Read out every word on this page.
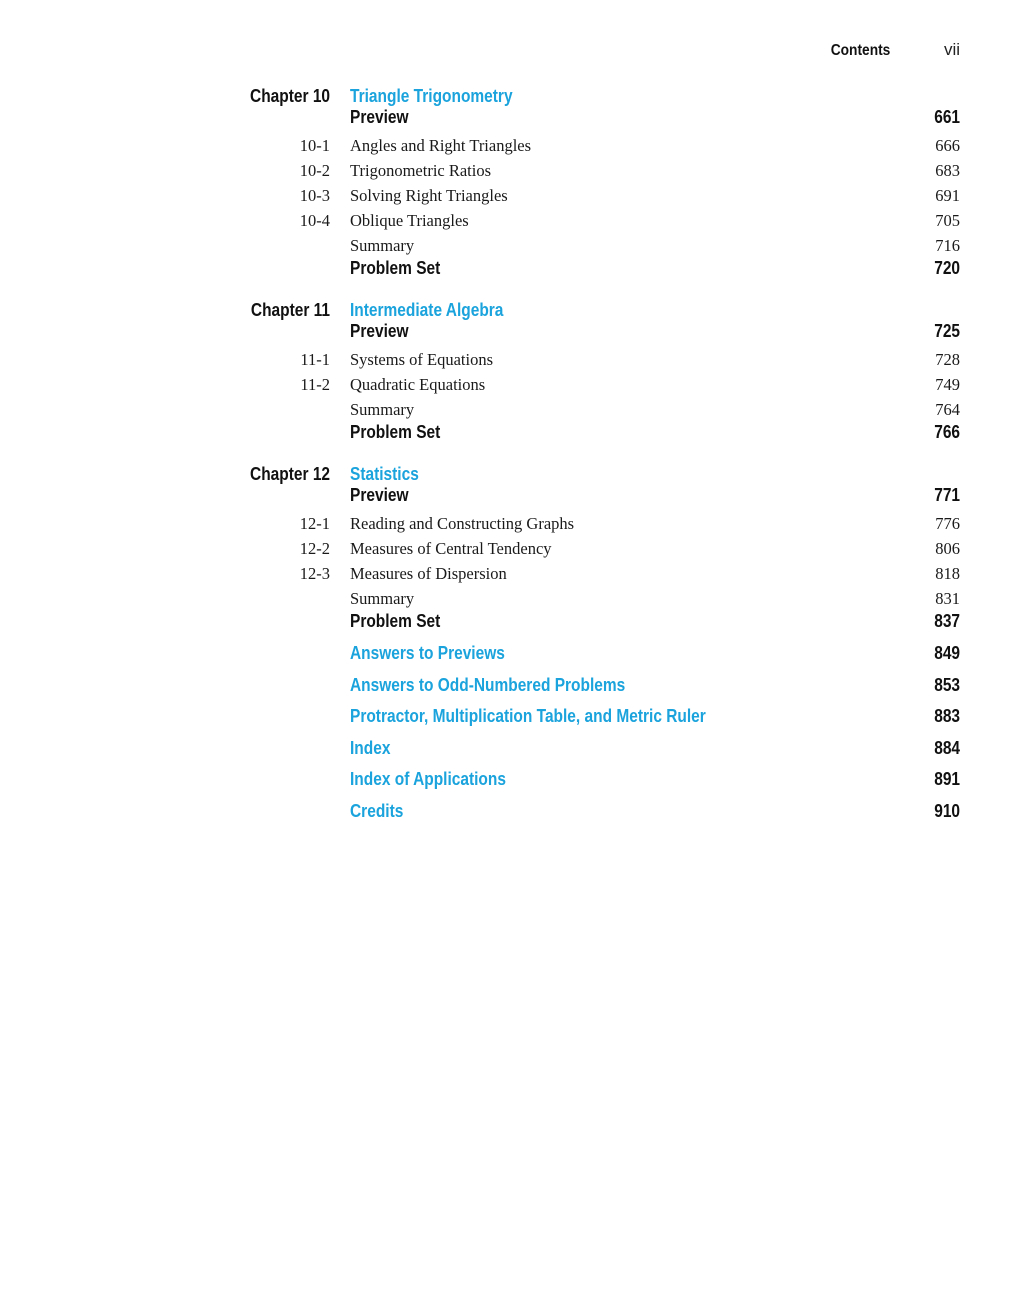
Contents	vii
Chapter 10 Triangle Trigonometry
Preview	661
10-1 Angles and Right Triangles	666
10-2 Trigonometric Ratios	683
10-3 Solving Right Triangles	691
10-4 Oblique Triangles	705
Summary	716
Problem Set	720
Chapter 11 Intermediate Algebra
Preview	725
11-1 Systems of Equations	728
11-2 Quadratic Equations	749
Summary	764
Problem Set	766
Chapter 12 Statistics
Preview	771
12-1 Reading and Constructing Graphs	776
12-2 Measures of Central Tendency	806
12-3 Measures of Dispersion	818
Summary	831
Problem Set	837
Answers to Previews	849
Answers to Odd-Numbered Problems	853
Protractor, Multiplication Table, and Metric Ruler	883
Index	884
Index of Applications	891
Credits	910
